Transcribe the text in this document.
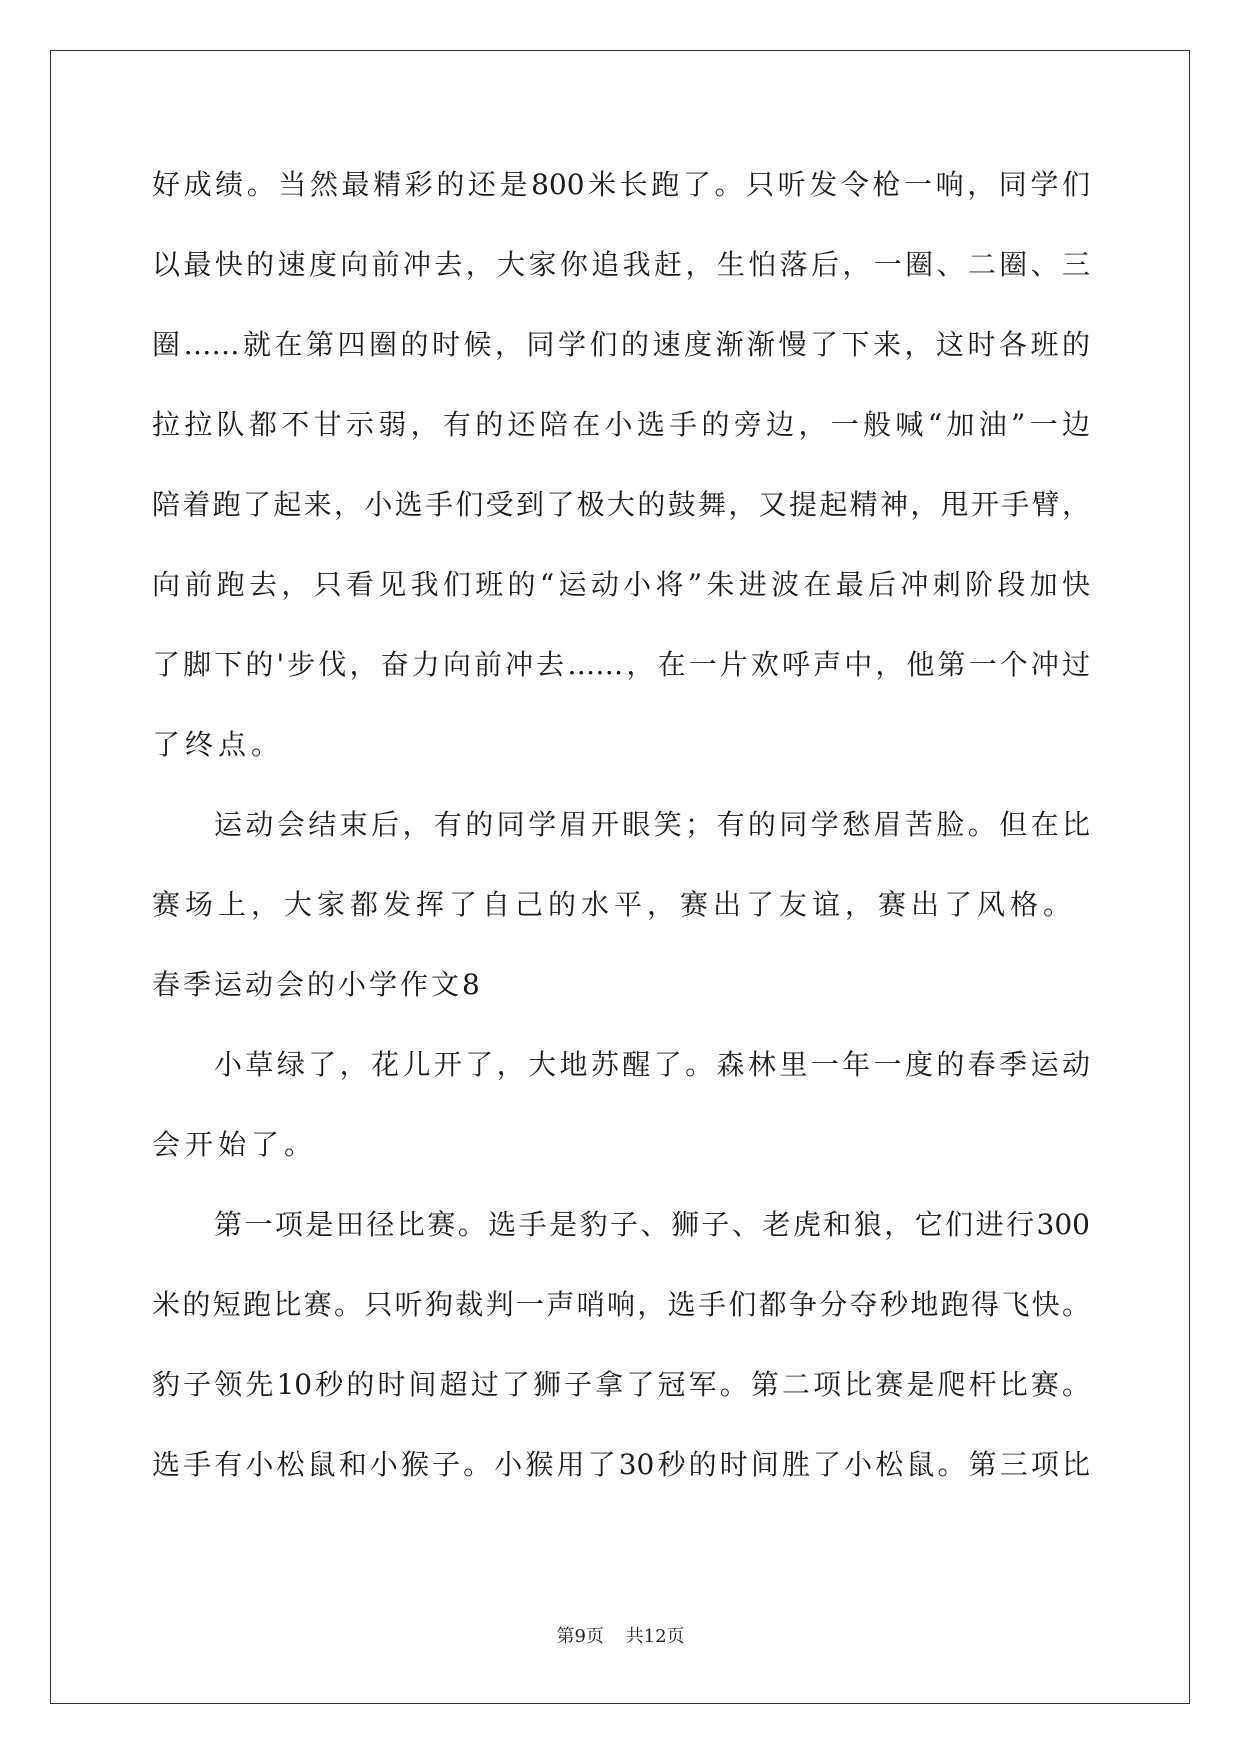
好成绩。当然最精彩的还是800米长跑了。只听发令枪一响，同学们
以最快的速度向前冲去，大家你追我赶，生怕落后，一圈、二圈、三
圈……就在第四圈的时候，同学们的速度渐渐慢了下来，这时各班的
拉拉队都不甘示弱，有的还陪在小选手的旁边，一般喊“加油”一边
陪着跑了起来，小选手们受到了极大的鼓舞，又提起精神，甩开手臂，
向前跑去，只看见我们班的“运动小将”朱进波在最后冲刺阶段加快
了脚下的'步伐，奋力向前冲去……，在一片欢呼声中，他第一个冲过
了终点。
运动会结束后，有的同学眉开眼笑；有的同学愁眉苦脸。但在比
赛场上，大家都发挥了自己的水平，赛出了友谊，赛出了风格。
春季运动会的小学作文8
小草绿了，花儿开了，大地苏醒了。森林里一年一度的春季运动
会开始了。
第一项是田径比赛。选手是豹子、狮子、老虎和狼，它们进行300
米的短跑比赛。只听狗裁判一声哨响，选手们都争分夺秒地跑得飞快。
豹子领先10秒的时间超过了狮子拿了冠军。第二项比赛是爬杆比赛。
选手有小松鼠和小猴子。小猴用了30秒的时间胜了小松鼠。第三项比
第9页 共12页
